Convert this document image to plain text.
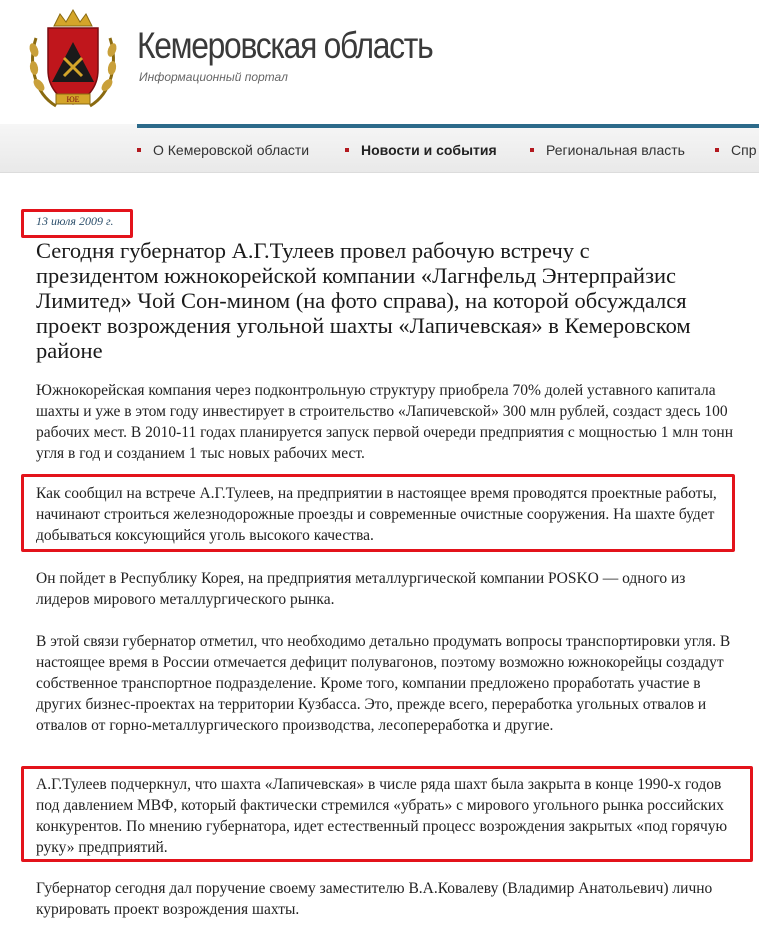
ЮЕ
Кемеровская область
Информационный портал
О Кемеровской области	Новости и события	Региональная власть	Спр
13 июля 2009 г.
Сегодня губернатор А.Г.Тулеев провел рабочую встречу с президентом южнокорейской компании «Лагнфельд Энтерпрайзис Лимитед» Чой Сон-мином (на фото справа), на которой обсуждался проект возрождения угольной шахты «Лапичевская» в Кемеровском районе

Южнокорейская компания через подконтрольную структуру приобрела 70% долей уставного капитала шахты и уже в этом году инвестирует в строительство «Лапичевской» 300 млн рублей, создаст здесь 100 рабочих мест. В 2010-11 годах планируется запуск первой очереди предприятия с мощностью 1 млн тонн угля в год и созданием 1 тыс новых рабочих мест.

Как сообщил на встрече А.Г.Тулеев, на предприятии в настоящее время проводятся проектные работы, начинают строиться железнодорожные проезды и современные очистные сооружения. На шахте будет добываться коксующийся уголь высокого качества.

Он пойдет в Республику Корея, на предприятия металлургической компании POSKO — одного из лидеров мирового металлургического рынка.

В этой связи губернатор отметил, что необходимо детально продумать вопросы транспортировки угля. В настоящее время в России отмечается дефицит полувагонов, поэтому возможно южнокорейцы создадут собственное транспортное подразделение. Кроме того, компании предложено проработать участие в других бизнес-проектах на территории Кузбасса. Это, прежде всего, переработка угольных отвалов и отвалов от горно-металлургического производства, лесопереработка и другие.

А.Г.Тулеев подчеркнул, что шахта «Лапичевская» в числе ряда шахт была закрыта в конце 1990-х годов под давлением МВФ, который фактически стремился «убрать» с мирового угольного рынка российских конкурентов. По мнению губернатора, идет естественный процесс возрождения закрытых «под горячую руку» предприятий.

Губернатор сегодня дал поручение своему заместителю В.А.Ковалеву (Владимир Анатольевич) лично курировать проект возрождения шахты.
